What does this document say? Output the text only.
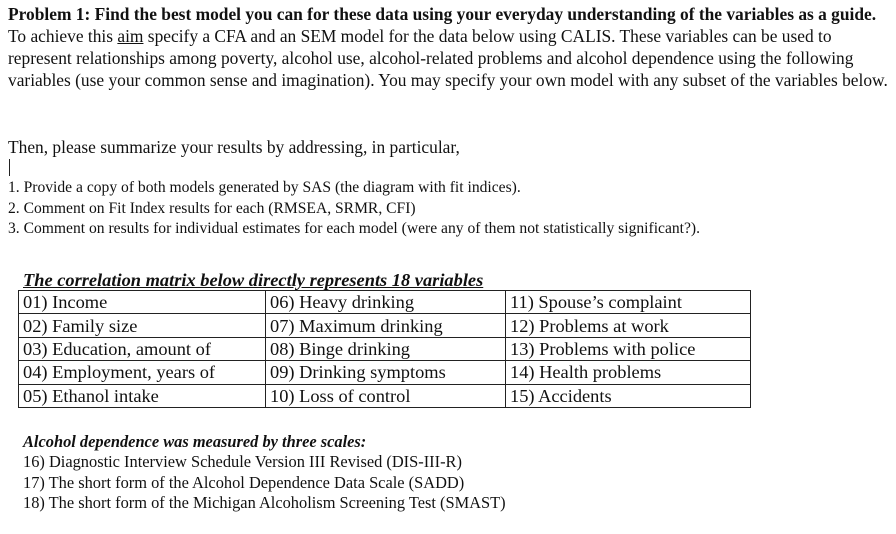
Problem 1: Find the best model you can for these data using your everyday understanding of the variables as a guide. To achieve this aim specify a CFA and an SEM model for the data below using CALIS. These variables can be used to represent relationships among poverty, alcohol use, alcohol-related problems and alcohol dependence using the following variables (use your common sense and imagination). You may specify your own model with any subset of the variables below.
Then, please summarize your results by addressing, in particular,
1. Provide a copy of both models generated by SAS (the diagram with fit indices).
2. Comment on Fit Index results for each (RMSEA, SRMR, CFI)
3. Comment on results for individual estimates for each model (were any of them not statistically significant?).
The correlation matrix below directly represents 18 variables
01) Income	06) Heavy drinking	11) Spouse’s complaint
02) Family size	07) Maximum drinking	12) Problems at work
03) Education, amount of	08) Binge drinking	13) Problems with police
04) Employment, years of	09) Drinking symptoms	14) Health problems
05) Ethanol intake	10) Loss of control	15) Accidents
Alcohol dependence was measured by three scales:
16) Diagnostic Interview Schedule Version III Revised (DIS-III-R)
17) The short form of the Alcohol Dependence Data Scale (SADD)
18) The short form of the Michigan Alcoholism Screening Test (SMAST)
